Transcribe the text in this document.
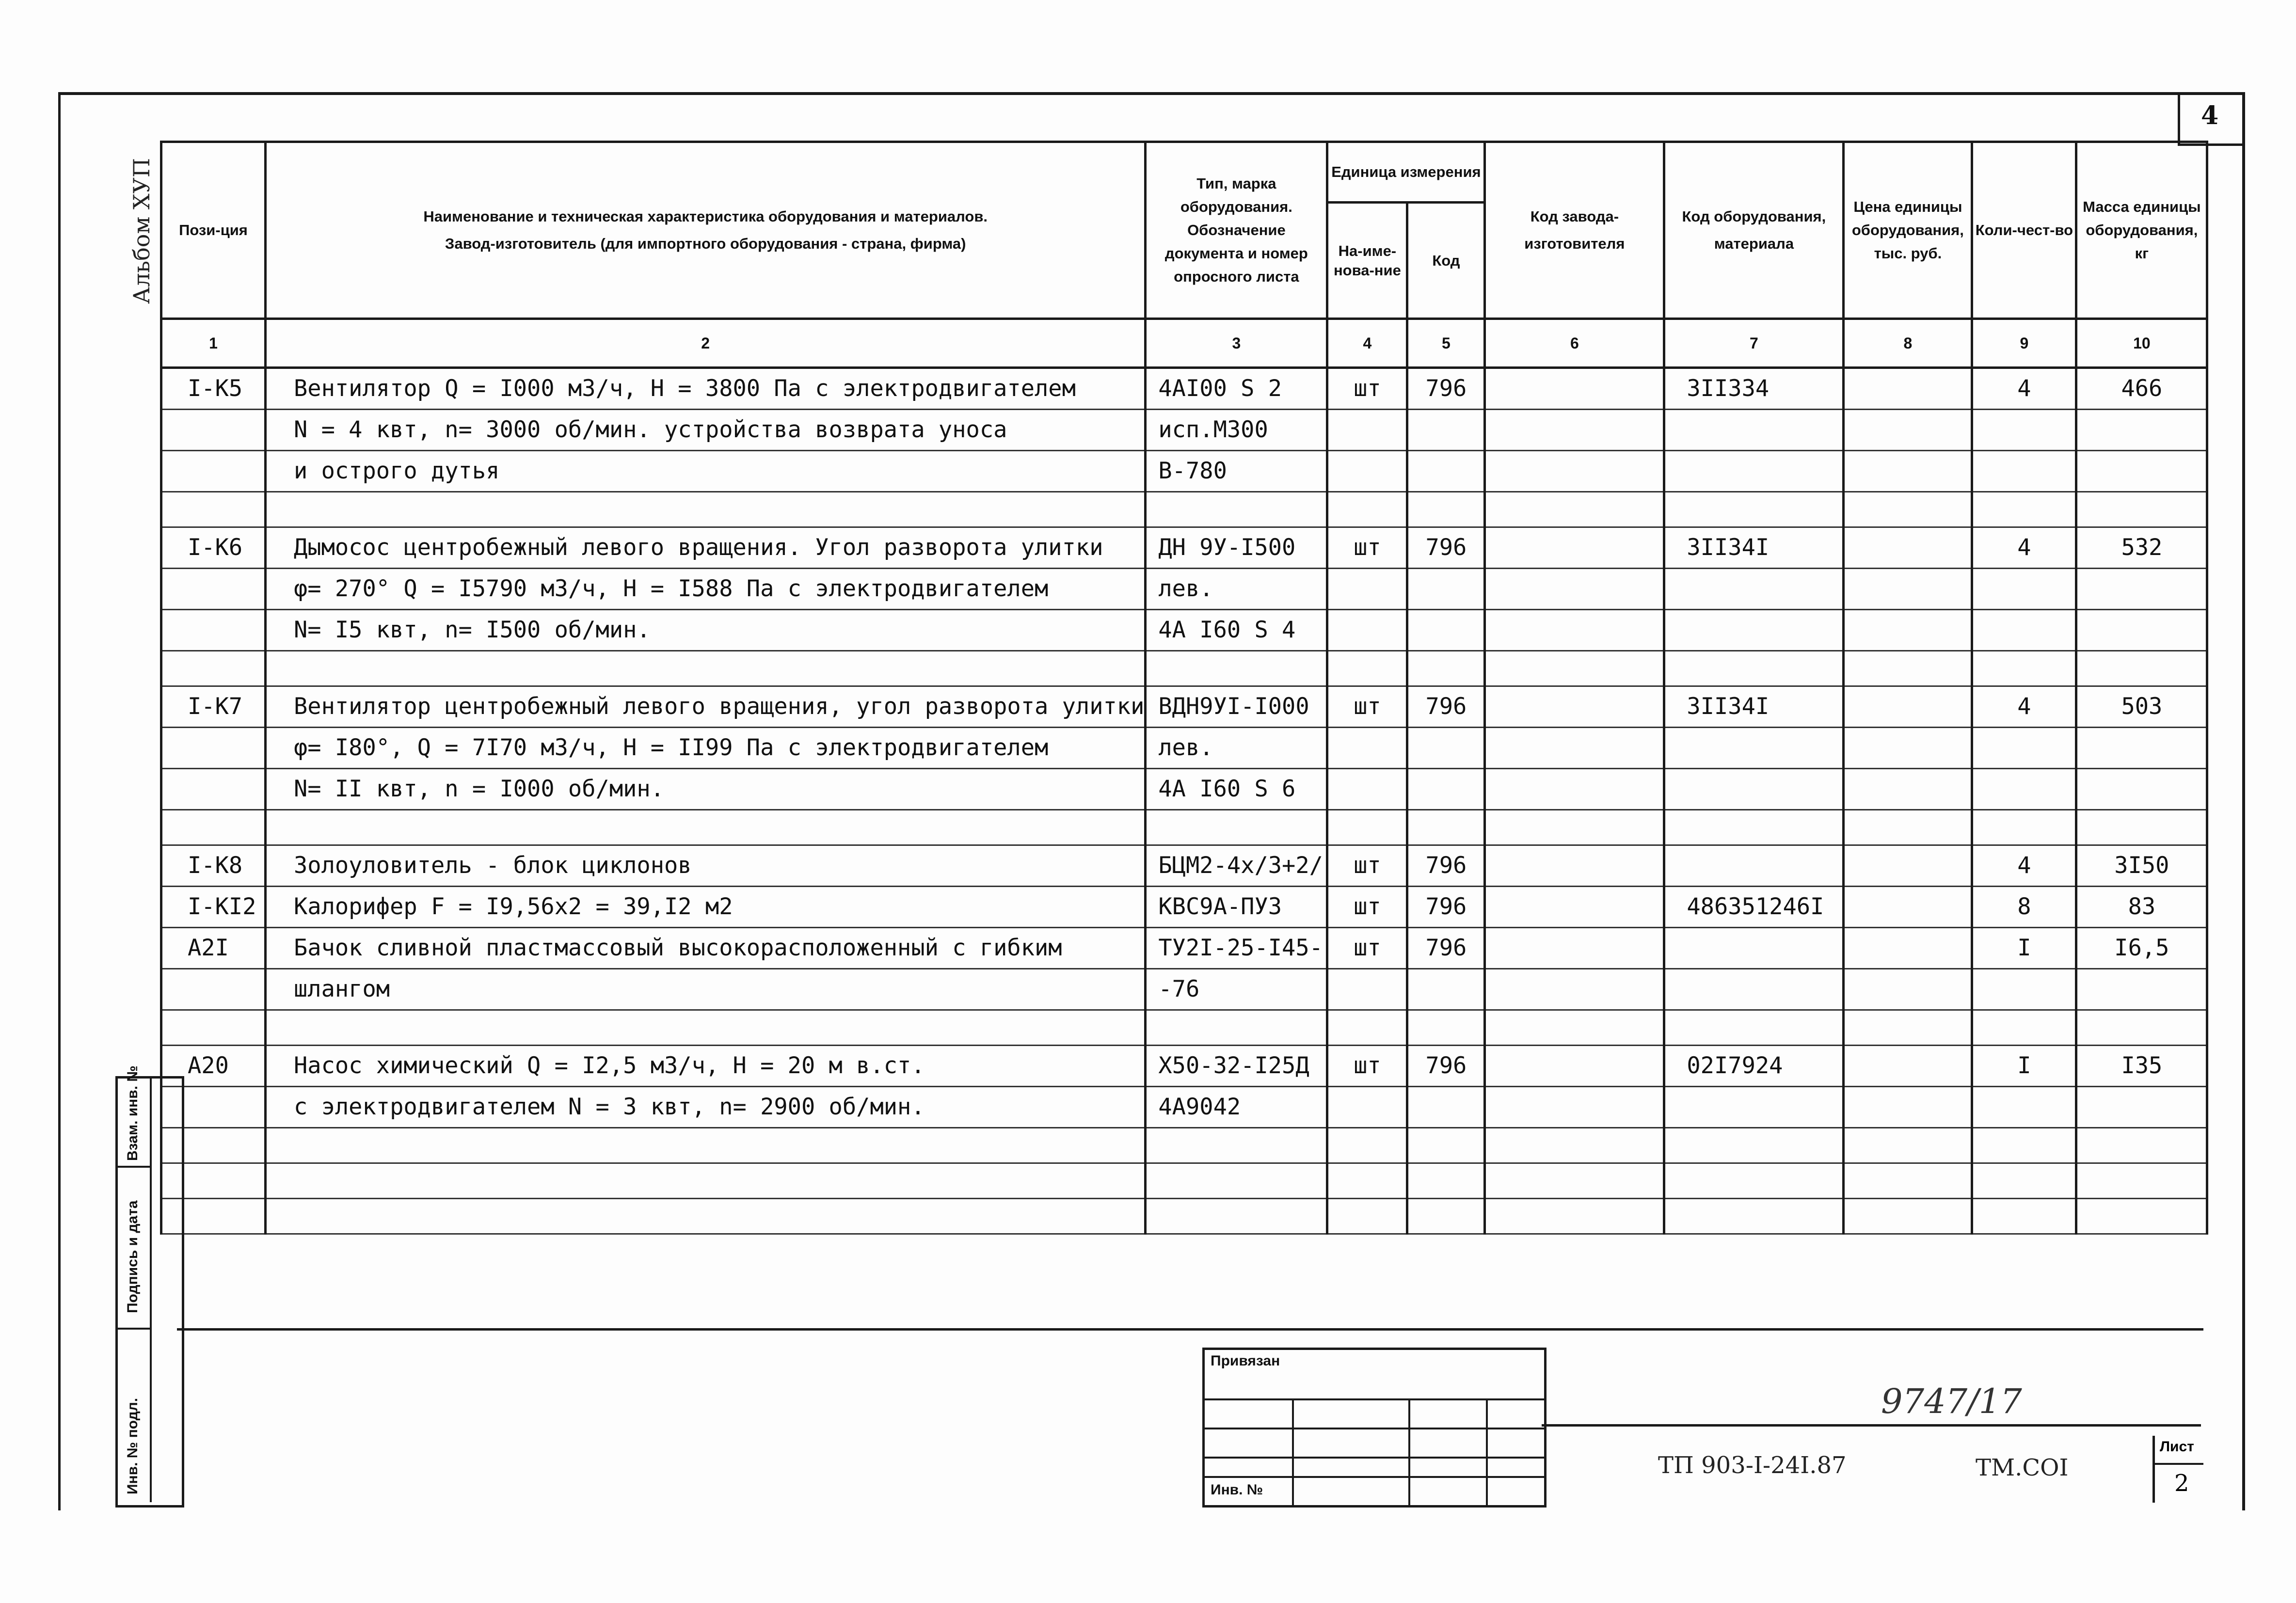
4
Альбом ХУП Пози-ция	Наименование и техническая характеристика оборудования и материалов.
Завод-изготовитель (для импортного оборудования - страна, фирма)	Тип, марка оборудования. Обозначение документа и номер опросного листа	Единица измерения		Код завода-изготовителя	Код оборудования, материала	Цена единицы оборудования, тыс. руб.	Коли-чест-во	Масса единицы оборудования, кг
			На-име-нова-ние	Код					
1	2	3	4	5	6	7	8	9	10
I-K5	Вентилятор Q = I000 м3/ч, Н = 3800 Па с электродвигателем	4АI00 S 2	шт	796		3II334		4	466
	N = 4 квт, n= 3000 об/мин. устройства возврата уноса	исп.М300							
	и острого дутья	В-780							

I-K6	Дымосос центробежный левого вращения. Угол разворота улитки	ДН 9У-I500	шт	796		3II34I		4	532
	φ= 270° Q = I5790 м3/ч, Н = I588 Па с электродвигателем	лев.							
	N= I5 квт, n= I500 об/мин.	4А I60 S 4							

I-K7	Вентилятор центробежный левого вращения, угол разворота улитки	ВДН9УI-I000	шт	796		3II34I		4	503
	φ= I80°, Q = 7I70 м3/ч, Н = II99 Па с электродвигателем	лев.							
	N= II квт, n = I000 об/мин.	4А I60 S 6							

I-K8	Золоуловитель - блок циклонов	БЦМ2-4х/3+2/	шт	796				4	3I50
I-KI2	Калорифер F = I9,56х2 = 39,I2 м2	КВС9А-ПУ3	шт	796		486351246I		8	83
A2I	Бачок сливной пластмассовый высокорасположенный с гибким	ТУ2I-25-I45-	шт	796				I	I6,5
	шлангом	-76							

A20	Насос химический Q = I2,5 м3/ч, Н = 20 м в.ст.	Х50-32-I25Д	шт	796		02I7924		I	I35
	с электродвигателем N = 3 квт, n= 2900 об/мин.	4А9042							

Взам. инв. №
Подпись и дата
Инв. № подл.
Привязан
Инв. №
9747/17
ТП 903-I-24I.87	ТМ.COI
Лист
2
